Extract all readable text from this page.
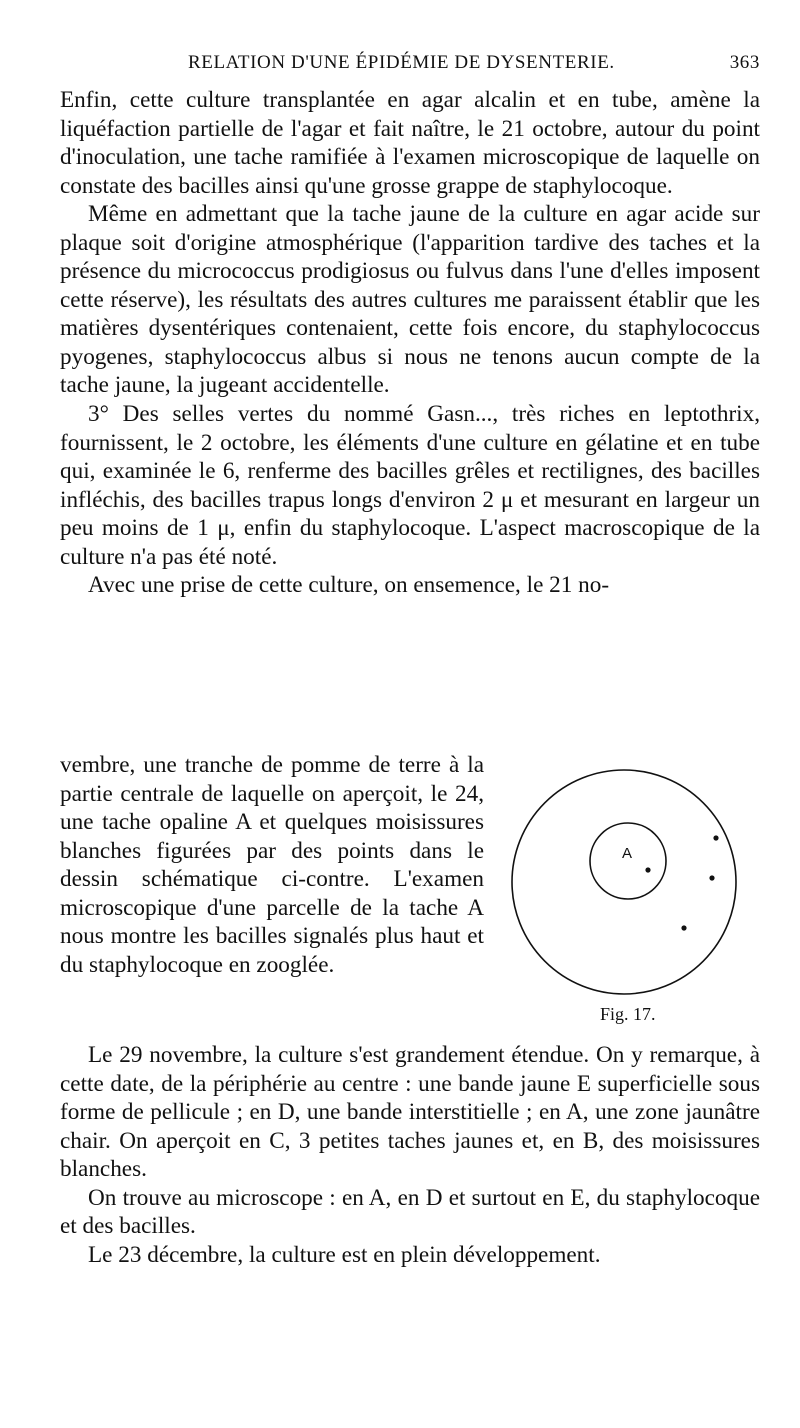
RELATION D'UNE ÉPIDÉMIE DE DYSENTERIE.	363

Enfin, cette culture transplantée en agar alcalin et en tube, amène la liquéfaction partielle de l'agar et fait naître, le 21 octobre, autour du point d'inoculation, une tache ramifiée à l'examen microscopique de laquelle on constate des bacilles ainsi qu'une grosse grappe de staphylocoque.

Même en admettant que la tache jaune de la culture en agar acide sur plaque soit d'origine atmosphérique (l'apparition tardive des taches et la présence du micrococcus prodigiosus ou fulvus dans l'une d'elles imposent cette réserve), les résultats des autres cultures me paraissent établir que les matières dysentériques contenaient, cette fois encore, du staphylococcus pyogenes, staphylococcus albus si nous ne tenons aucun compte de la tache jaune, la jugeant accidentelle.

3° Des selles vertes du nommé Gasn..., très riches en leptothrix, fournissent, le 2 octobre, les éléments d'une culture en gélatine et en tube qui, examinée le 6, renferme des bacilles grêles et rectilignes, des bacilles infléchis, des bacilles trapus longs d'environ 2 μ et mesurant en largeur un peu moins de 1 μ, enfin du staphylocoque. L'aspect macroscopique de la culture n'a pas été noté.

Avec une prise de cette culture, on ensemence, le 21 no-

vembre, une tranche de pomme de terre à la partie centrale de laquelle on aperçoit, le 24, une tache opaline A et quelques moisissures blanches figurées par des points dans le dessin schématique ci-contre. L'examen microscopique d'une parcelle de la tache A nous montre les bacilles signalés plus haut et du staphylocoque en zooglée.

A
Fig. 17.

Le 29 novembre, la culture s'est grandement étendue. On y remarque, à cette date, de la périphérie au centre : une bande jaune E superficielle sous forme de pellicule ; en D, une bande interstitielle ; en A, une zone jaunâtre chair. On aperçoit en C, 3 petites taches jaunes et, en B, des moisissures blanches.

On trouve au microscope : en A, en D et surtout en E, du staphylocoque et des bacilles.

Le 23 décembre, la culture est en plein développement.
